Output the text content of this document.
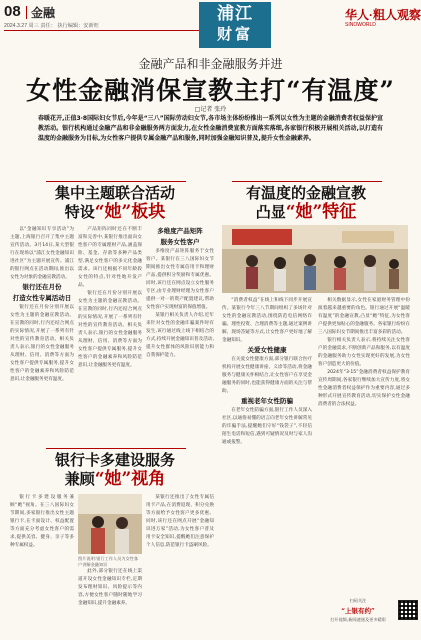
08 金融
2024.3.27 周三 责任： 执行编辑：安新旺
浦江
财富
华人·粗人观察
SINOWORLD
金融产品和非金融服务并进
女性金融消保宣教主打“有温度”
□记者 张玲
春暖花开,正值3·8国际妇女节后,今年是“三八”国际劳动妇女节,各市场主体纷纷推出一系列以女性为主题的金融消费者权益保护宣教活动。银行机构通过金融产品和非金融服务两方面发力,在女性金融消费宣教方面落实落细,各家银行积极开展相关活动,以打造有温度的金融服务为目标,为女性客户提供专属金融产品和服务,同时加强金融知识普及,提升女性金融素养。
集中主题联合活动
特设“她”板块
有温度的金融宣教
凸显“她”特征

以“金融知识专享活动”为主题,上海银行召开了集中主题宣传活动。3月14日,某大型银行在现场以“浦江女性金融知识进社区”为主题开展宣传。浦江的银行网点在活动期间,推出以女性为对象的金融宣教活动。

银行还在月份
打造女性专属活动日

银行还在月份分别开展以女性为主题的金融宣教活动。在宣教的同时,行内还结合网点的实际情况,开展了一系列有针对性的宣传教育活动。相关负责人表示,银行的女性金融服务从理财、信用、消费等方面为女性客户提供专属服务,提升女性客户的金融素养和风险防范意识,让金融服务更有温度。

产品矩阵同时还在不断丰富和完善中,某银行推出面向女性客户的专属理财产品,涵盖保险、基金、存款等多种产品类型,满足女性客户的多元化金融需求。该行还根据不同年龄段女性的特点,针对性地开发产品。

银行还在月份分别开展以女性为主题的金融宣教活动。在宣教的同时,行内还结合网点的实际情况,开展了一系列有针对性的宣传教育活动。相关负责人表示,银行的女性金融服务从理财、信用、消费等方面为女性客户提供专属服务,提升女性客户的金融素养和风险防范意识,让金融服务更有温度。

多维度产品矩阵
服务女性客户

多维度产品矩阵服务于女性客户。某银行在三八国际妇女节期间推出女性专属信用卡和理财产品,提供积分奖励和专属优惠。同时,该行还在网点设立女性服务专区,由专业理财经理为女性客户提供一对一的资产配置建议,帮助女性客户实现财富的保值增值。

某银行相关负责人介绍,近年来针对女性的金融诈骗案件时有发生,该行通过线上线下相结合的方式,持续开展金融知识普及活动,提升女性群体的风险识别能力和自我保护能力。

“消费者权益”在线上和线下同步开展宣传。某银行今年三八节期间组织了多场针对女性的金融宣教活动,围绕防范电信网络诈骗、理性投资、合理消费等主题,通过案例讲解、现场答疑等方式,让女性客户更好地了解金融知识。

关爱女性健康

在关爱女性健康方面,部分银行联合医疗机构开展女性健康讲座、义诊等活动,将金融服务与健康关怀相结合,让女性客户在享受金融服务的同时,也能获得健康方面的关注与帮助。

重视老年女性防骗

在老年女性防骗方面,银行工作人员深入社区,以通俗易懂的语言向老年女性讲解常见的诈骗手法,提醒她们守好“钱袋子”,不轻信陌生电话和短信,遇到可疑情况及时与家人沟通或报警。

相关数据显示,女性在家庭财务管理中扮演着越来越重要的角色。银行通过开展“温暖有温度”的金融宣教,凸显“她”特征,为女性客户提供更加贴心的金融服务。各家银行纷纷在三八国际妇女节期间推出丰富多彩的活动。

银行相关负责人表示,将持续关注女性客户的金融需求,不断创新产品和服务,以有温度的金融服务助力女性实现更好的发展,为女性客户创造更大的价值。

2024年“3·15”金融消费者权益保护教育宣传周期间,各家银行继续加大宣传力度,将女性金融消费者权益保护作为重要内容,通过多种形式开展宣传教育活动,切实保护女性金融消费者的合法权益。

银行卡多建设服务
兼顾“她”视角

银行卡多建设服务兼顾“她”视角。在三八国际妇女节期间,多家银行推出女性主题银行卡,在卡面设计、权益配置等方面充分考虑女性客户的需求,提供美容、健身、亲子等多种专属权益。

图片说明:银行工作人员为女性客户讲解金融知识

此外,部分银行还在线上渠道开设女性金融知识专栏,定期发布理财知识、风险提示等内容,方便女性客户随时随地学习金融知识,提升金融素养。

某银行还推出了女性专属信用卡产品,在消费返现、积分兑换等方面给予女性客户更多优惠。同时,该行还在网点开展“金融知识进万家”活动,为女性客户普及用卡安全知识,提醒她们注意保护个人信息,防范银行卡盗刷风险。

扫码关注
“上银有约”
打开视频,新闻速递及更多精彩
